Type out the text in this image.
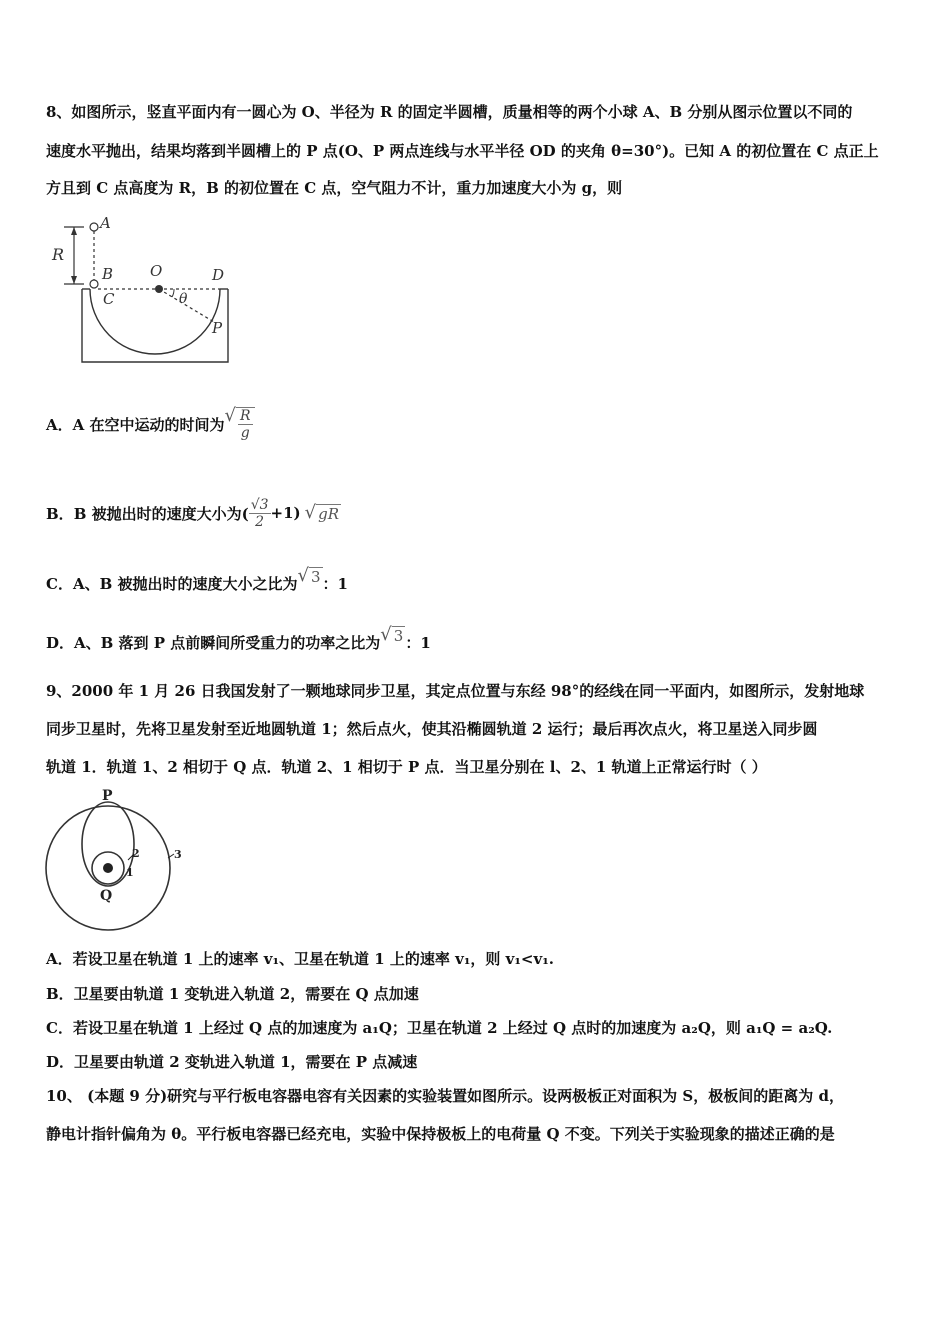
8、如图所示，竖直平面内有一圆心为 O、半径为 R 的固定半圆槽，质量相等的两个小球 A、B 分别从图示位置以不同的
速度水平抛出，结果均落到半圆槽上的 P 点(O、P 两点连线与水平半径 OD 的夹角 θ=30°)。已知 A 的初位置在 C 点正上
方且到 C 点高度为 R，B 的初位置在 C 点，空气阻力不计，重力加速度大小为 g，则
R
A
B
C
O	D
θ
P
A． A 在空中运动的时间为 √ $\frac{R}{g}$
B． B 被抛出时的速度大小为( $\frac{√3}{2} +1$) √ gR
C． A、B 被抛出时的速度大小之比为 √ 3 ：1
D． A、B 落到 P 点前瞬间所受重力的功率之比为 √ 3 ：1
9、2000 年 1 月 26 日我国发射了一颗地球同步卫星，其定点位置与东经 98°的经线在同一平面内，如图所示，发射地球
同步卫星时，先将卫星发射至近地圆轨道 1；然后点火，使其沿椭圆轨道 2 运行；最后再次点火，将卫星送入同步圆
轨道 1．轨道 1、2 相切于 Q 点．轨道 2、1 相切于 P 点．当卫星分别在 l、2、1 轨道上正常运行时（ ）
P
Q
1
2	3
A．若设卫星在轨道 1 上的速率 v₁、卫星在轨道 1 上的速率 v₁，则 v₁<v₁.
B．卫星要由轨道 1 变轨进入轨道 2，需要在 Q 点加速
C．若设卫星在轨道 1 上经过 Q 点的加速度为 a₁Q；卫星在轨道 2 上经过 Q 点时的加速度为 a₂Q，则 a₁Q = a₂Q.
D．卫星要由轨道 2 变轨进入轨道 1，需要在 P 点减速
10、 (本题 9 分)研究与平行板电容器电容有关因素的实验装置如图所示。设两极板正对面积为 S，极板间的距离为 d，
静电计指针偏角为 θ。平行板电容器已经充电，实验中保持极板上的电荷量 Q 不变。下列关于实验现象的描述正确的是
